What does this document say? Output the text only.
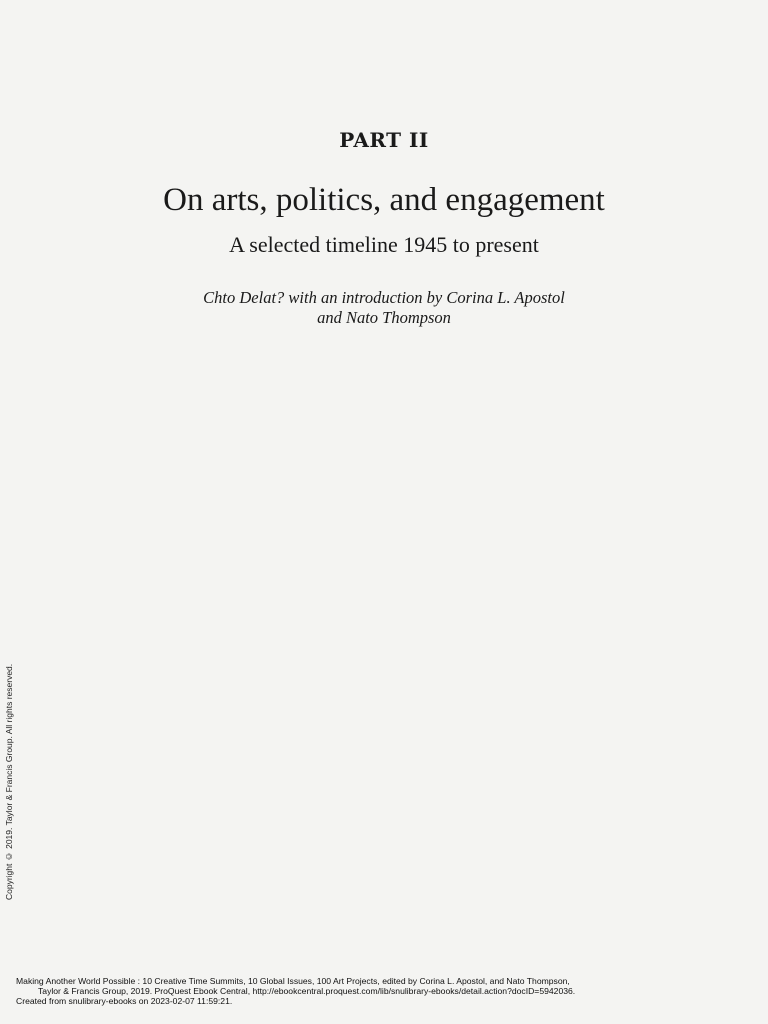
PART II
On arts, politics, and engagement
A selected timeline 1945 to present
Chto Delat? with an introduction by Corina L. Apostol
and Nato Thompson
Copyright © 2019. Taylor & Francis Group. All rights reserved.
Making Another World Possible : 10 Creative Time Summits, 10 Global Issues, 100 Art Projects, edited by Corina L. Apostol, and Nato Thompson,
Taylor & Francis Group, 2019. ProQuest Ebook Central, http://ebookcentral.proquest.com/lib/snulibrary-ebooks/detail.action?docID=5942036.
Created from snulibrary-ebooks on 2023-02-07 11:59:21.
